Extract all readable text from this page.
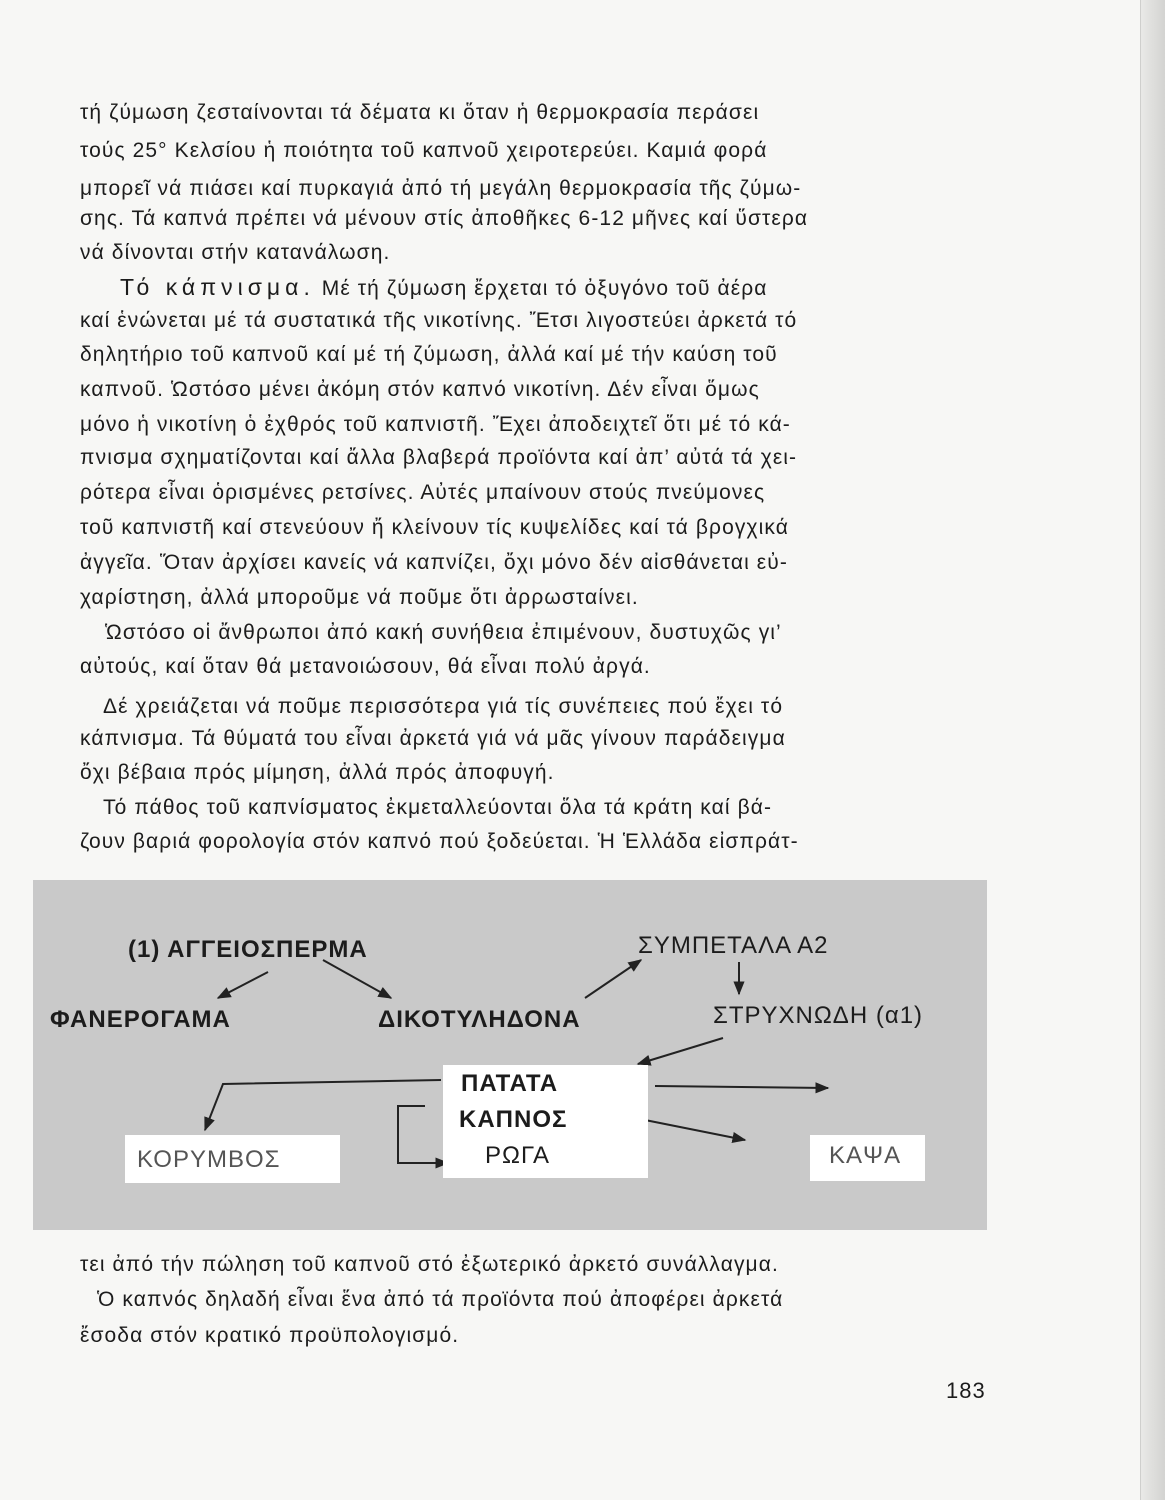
τή ζύμωση ζεσταίνονται τά δέματα κι ὅταν ἡ θερμοκρασία περάσει
τούς 25° Κελσίου ἡ ποιότητα τοῦ καπνοῦ χειροτερεύει. Καμιά φορά
μπορεῖ νά πιάσει καί πυρκαγιά ἀπό τή μεγάλη θερμοκρασία τῆς ζύμω-
σης. Τά καπνά πρέπει νά μένουν στίς ἀποθῆκες 6-12 μῆνες καί ὕστερα
νά δίνονται στήν κατανάλωση.
Τό κάπνισμα. Μέ τή ζύμωση ἔρχεται τό ὀξυγόνο τοῦ ἀέρα
καί ἑνώνεται μέ τά συστατικά τῆς νικοτίνης. Ἔτσι λιγοστεύει ἀρκετά τό
δηλητήριο τοῦ καπνοῦ καί μέ τή ζύμωση, ἀλλά καί μέ τήν καύση τοῦ
καπνοῦ. Ὡστόσο μένει ἀκόμη στόν καπνό νικοτίνη. Δέν εἶναι ὅμως
μόνο ἡ νικοτίνη ὁ ἐχθρός τοῦ καπνιστῆ. Ἔχει ἀποδειχτεῖ ὅτι μέ τό κά-
πνισμα σχηματίζονται καί ἄλλα βλαβερά προϊόντα καί ἀπ’ αὐτά τά χει-
ρότερα εἶναι ὁρισμένες ρετσίνες. Αὐτές μπαίνουν στούς πνεύμονες
τοῦ καπνιστῆ καί στενεύουν ἤ κλείνουν τίς κυψελίδες καί τά βρογχικά
ἀγγεῖα. Ὅταν ἀρχίσει κανείς νά καπνίζει, ὄχι μόνο δέν αἰσθάνεται εὐ-
χαρίστηση, ἀλλά μποροῦμε νά ποῦμε ὅτι ἀρρωσταίνει.
Ὡστόσο οἱ ἄνθρωποι ἀπό κακή συνήθεια ἐπιμένουν, δυστυχῶς γι’
αὐτούς, καί ὅταν θά μετανοιώσουν, θά εἶναι πολύ ἀργά.
Δέ χρειάζεται νά ποῦμε περισσότερα γιά τίς συνέπειες πού ἔχει τό
κάπνισμα. Τά θύματά του εἶναι ἀρκετά γιά νά μᾶς γίνουν παράδειγμα
ὄχι βέβαια πρός μίμηση, ἀλλά πρός ἀποφυγή.
Τό πάθος τοῦ καπνίσματος ἐκμεταλλεύονται ὅλα τά κράτη καί βά-
ζουν βαριά φορολογία στόν καπνό πού ξοδεύεται. Ἡ Ἑλλάδα εἰσπράτ-
(1) ΑΓΓΕΙΟΣΠΕΡΜΑ
ΦΑΝΕΡΟΓΑΜΑ	ΔΙΚΟΤΥΛΗΔΟΝΑ
ΣΥΜΠΕΤΑΛΑ Α2
ΣΤΡΥΧΝΩΔΗ (α1)
ΠΑΤΑΤΑ
ΚΑΠΝΟΣ
ΡΩΓΑ
ΚΟΡΥΜΒΟΣ	ΚΑΨΑ
τει ἀπό τήν πώληση τοῦ καπνοῦ στό ἐξωτερικό ἀρκετό συνάλλαγμα.
Ὁ καπνός δηλαδή εἶναι ἕνα ἀπό τά προϊόντα πού ἀποφέρει ἀρκετά
ἔσοδα στόν κρατικό προϋπολογισμό.
183
